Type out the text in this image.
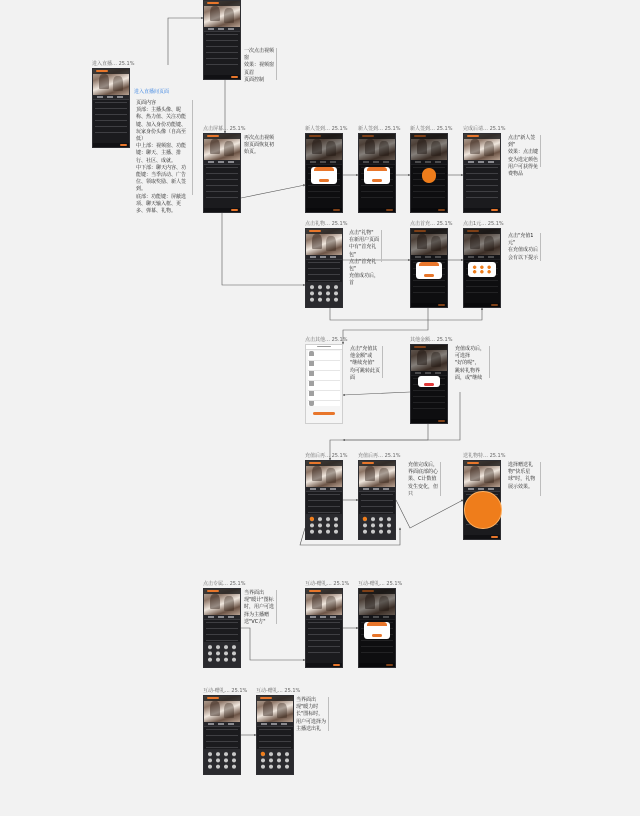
进入直播… 25.1%
点击屏幕… 25.1%	新人签到… 25.1%	新人签到… 25.1%	新人签到… 25.1%	完成后请… 25.1%
点击礼物… 25.1%	点击首充… 25.1%	点击1元… 25.1%
点击其他… 25.1%	其他金额… 25.1%
充值后再… 25.1%	充值后再… 25.1%	送礼物特… 25.1%
点击专属… 25.1%	互动-赠礼… 25.1%	互动-赠礼… 25.1%
互动-赠礼… 25.1%	互动-赠礼… 25.1%
一次点击视频窗
效果：视频窗页眉
页面控制
进入直播间页面
页面内容
顶部：主播头像、昵称、热力值、关注功能键、加入身份功能键、玩家身份头像（自高至低）
中上部：视频窗、功能键：聊天、主播、排行、社区、成就。
中下部：聊天内容、功能键：当季活动、广告位、领取奖励、新人签到。
底部：功能键：屏蔽选项、聊天输入框、更多、弹幕、礼物。
再次点击视频窗页面恢复初始页。
点击"新人签到"
效果：点击键变为选定颜色
用户可获得免费物品
点击"礼物"
在新用户页面中有"首充礼包"
点击"首充礼包"
充值成功后，首
点击"充值1元"
在充值成功后会有以下提示
点击"充值其他金额"或
"继续充值"
均可跳转此页面
充值成功后，可选择
"好的呢"，
跳转礼物界面，或"继续
充值完成后，界面底部的心果、C计数值发生变化，但只
选择赠送礼物"快乐星球"时，礼物展示效果。
当界面出现"暖计"图标时，用户可选择为主播赠送"VC方"
当界面出现"暖力时长"图标时，用户可选择为主播送出礼
